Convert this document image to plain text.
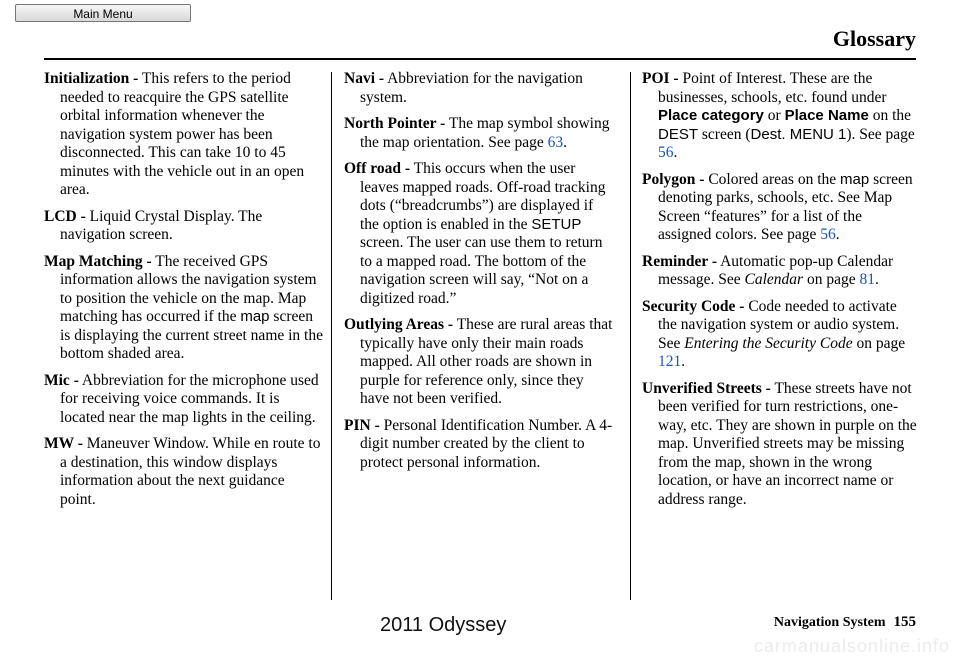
Main Menu
Glossary

Initialization - This refers to the period needed to reacquire the GPS satellite orbital information whenever the navigation system power has been disconnected. This can take 10 to 45 minutes with the vehicle out in an open area.

LCD - Liquid Crystal Display. The navigation screen.

Map Matching - The received GPS information allows the navigation system to position the vehicle on the map. Map matching has occurred if the map screen is displaying the current street name in the bottom shaded area.

Mic - Abbreviation for the microphone used for receiving voice commands. It is located near the map lights in the ceiling.

MW - Maneuver Window. While en route to a destination, this window displays information about the next guidance point.

Navi - Abbreviation for the navigation system.

North Pointer - The map symbol showing the map orientation. See page 63.

Off road - This occurs when the user leaves mapped roads. Off-road tracking dots (“breadcrumbs”) are displayed if the option is enabled in the SETUP screen. The user can use them to return to a mapped road. The bottom of the navigation screen will say, “Not on a digitized road.”

Outlying Areas - These are rural areas that typically have only their main roads mapped. All other roads are shown in purple for reference only, since they have not been verified.

PIN - Personal Identification Number. A 4-digit number created by the client to protect personal information.

POI - Point of Interest. These are the businesses, schools, etc. found under Place category or Place Name on the DEST screen (Dest. MENU 1). See page 56.

Polygon - Colored areas on the map screen denoting parks, schools, etc. See Map Screen “features” for a list of the assigned colors. See page 56.

Reminder - Automatic pop-up Calendar message. See Calendar on page 81.

Security Code - Code needed to activate the navigation system or audio system. See Entering the Security Code on page 121.

Unverified Streets - These streets have not been verified for turn restrictions, one-way, etc. They are shown in purple on the map. Unverified streets may be missing from the map, shown in the wrong location, or have an incorrect name or address range.

2011 Odyssey	Navigation System 155
carmanualsonline.info
